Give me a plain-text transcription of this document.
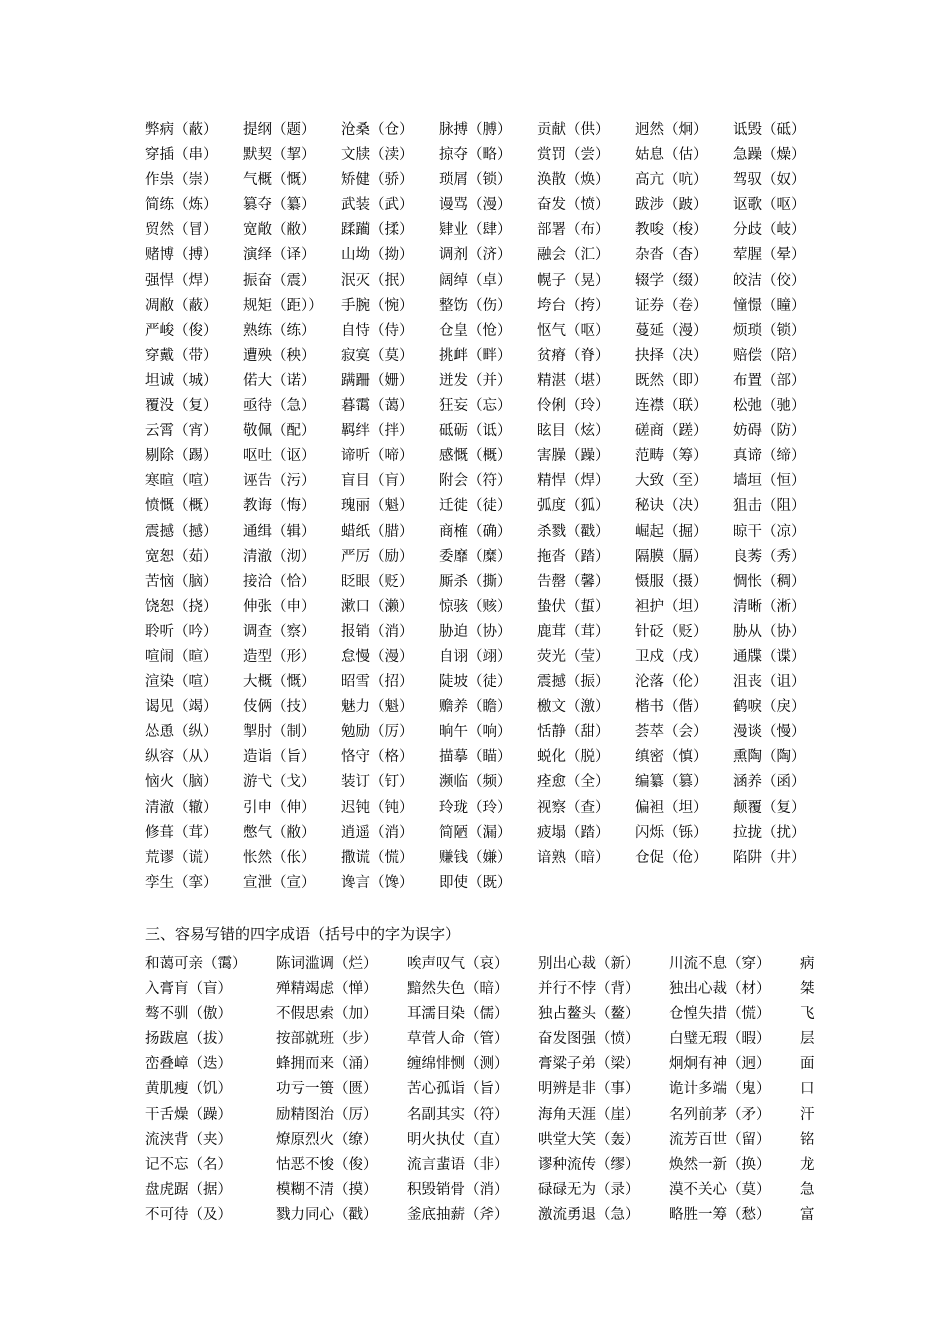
弊病（蔽）	提纲（题）	沧桑（仓）	脉搏（膊）	贡献（供）	迥然（炯）	诋毁（砥）
穿插（串）	默契（挈）	文牍（渎）	掠夺（略）	赏罚（尝）	姑息（估）	急躁（燥）
作祟（崇）	气概（慨）	矫健（骄）	琐屑（锁）	涣散（焕）	高亢（吭）	驾驭（奴）
简练（炼）	篡夺（纂）	武装（武）	谩骂（漫）	奋发（愤）	跋涉（跛）	讴歌（呕）
贸然（冒）	宽敞（敝）	蹂躏（揉）	肄业（肆）	部署（布）	教唆（梭）	分歧（岐）
赌博（搏）	演绎（译）	山坳（拗）	调剂（济）	融会（汇）	杂沓（杳）	荤腥（晕）
强悍（焊）	振奋（震）	泯灭（抿）	阔绰（卓）	幌子（晃）	辍学（缀）	皎洁（佼）
凋敝（蔽）	规矩（距））	手腕（惋）	整饬（伤）	垮台（挎）	证券（卷）	憧憬（瞳）
严峻（俊）	熟练（练）	自恃（侍）	仓皇（怆）	怄气（呕）	蔓延（漫）	烦琐（锁）
穿戴（带）	遭殃（秧）	寂寞（莫）	挑衅（畔）	贫瘠（脊）	抉择（决）	赔偿（陪）
坦诚（城）	偌大（诺）	蹒跚（姗）	迸发（并）	精湛（堪）	既然（即）	布置（部）
覆没（复）	亟待（急）	暮霭（蔼）	狂妄（忘）	伶俐（玲）	连襟（联）	松弛（驰）
云霄（宵）	敬佩（配）	羁绊（拌）	砥砺（诋）	眩目（炫）	磋商（蹉）	妨碍（防）
剔除（踢）	呕吐（讴）	谛听（啼）	感慨（概）	害臊（躁）	范畴（筹）	真谛（缔）
寒暄（喧）	诬告（污）	盲目（肓）	附会（符）	精悍（焊）	大致（至）	墙垣（恒）
愤慨（概）	教诲（悔）	瑰丽（魁）	迁徙（徒）	弧度（狐）	秘诀（决）	狙击（阻）
震撼（撼）	通缉（辑）	蜡纸（腊）	商榷（确）	杀戮（戳）	崛起（掘）	晾干（凉）
宽恕（茹）	清澈（沏）	严厉（励）	委靡（糜）	拖沓（踏）	隔膜（膈）	良莠（秀）
苦恼（脑）	接洽（恰）	眨眼（贬）	厮杀（撕）	告罄（馨）	慑服（摄）	惆怅（稠）
饶恕（挠）	伸张（申）	漱口（濑）	惊骇（赅）	蛰伏（蜇）	袒护（坦）	清晰（淅）
聆听（吟）	调查（察）	报销（消）	胁迫（协）	鹿茸（茸）	针砭（贬）	胁从（协）
喧闹（暄）	造型（形）	怠慢（漫）	自诩（翊）	荧光（莹）	卫戍（戌）	通牒（谍）
渲染（喧）	大概（慨）	昭雪（招）	陡坡（徒）	震撼（振）	沦落（伦）	沮丧（诅）
谒见（竭）	伎俩（技）	魅力（魁）	赡养（瞻）	檄文（激）	楷书（偕）	鹤唳（戾）
怂恿（纵）	掣肘（制）	勉励（厉）	晌午（响）	恬静（甜）	荟萃（会）	漫谈（慢）
纵容（从）	造诣（旨）	恪守（格）	描摹（瞄）	蜕化（脱）	缜密（慎）	熏陶（陶）
恼火（脑）	游弋（戈）	装订（钉）	濒临（频）	痊愈（全）	编纂（篡）	涵养（函）
清澈（辙）	引申（伸）	迟钝（钝）	玲珑（玲）	视察（查）	偏袒（坦）	颠覆（复）
修葺（茸）	憋气（敝）	逍遥（消）	简陋（漏）	疲塌（踏）	闪烁（铄）	拉拢（扰）
荒谬（谎）	怅然（伥）	撒谎（慌）	赚钱（嫌）	谙熟（暗）	仓促（伧）	陷阱（井）
孪生（挛）	宣泄（宣）	谗言（馋）	即使（既）
三、容易写错的四字成语（括号中的字为误字）
和蔼可亲（霭）	陈词滥调（烂）	唉声叹气（哀）	别出心裁（新）	川流不息（穿）	病
入膏肓（盲）	殚精竭虑（惮）	黯然失色（暗）	并行不悖（背）	独出心裁（材）	桀
骜不驯（傲）	不假思索（加）	耳濡目染（儒）	独占鳌头（鳌）	仓惶失措（慌）	飞
扬跋扈（拔）	按部就班（步）	草菅人命（管）	奋发图强（愤）	白璧无瑕（暇）	层
峦叠嶂（迭）	蜂拥而来（涌）	缠绵悱恻（测）	膏粱子弟（梁）	炯炯有神（迥）	面
黄肌瘦（饥）	功亏一篑（匮）	苦心孤诣（旨）	明辨是非（事）	诡计多端（鬼）	口
干舌燥（躁）	励精图治（厉）	名副其实（符）	海角天涯（崖）	名列前茅（矛）	汗
流浃背（夹）	燎原烈火（缭）	明火执仗（直）	哄堂大笑（轰）	流芳百世（留）	铭
记不忘（名）	怙恶不悛（俊）	流言蜚语（非）	谬种流传（缪）	焕然一新（换）	龙
盘虎踞（据）	模糊不清（摸）	积毁销骨（消）	碌碌无为（录）	漠不关心（莫）	急
不可待（及）	戮力同心（戳）	釜底抽薪（斧）	激流勇退（急）	略胜一筹（愁）	富
